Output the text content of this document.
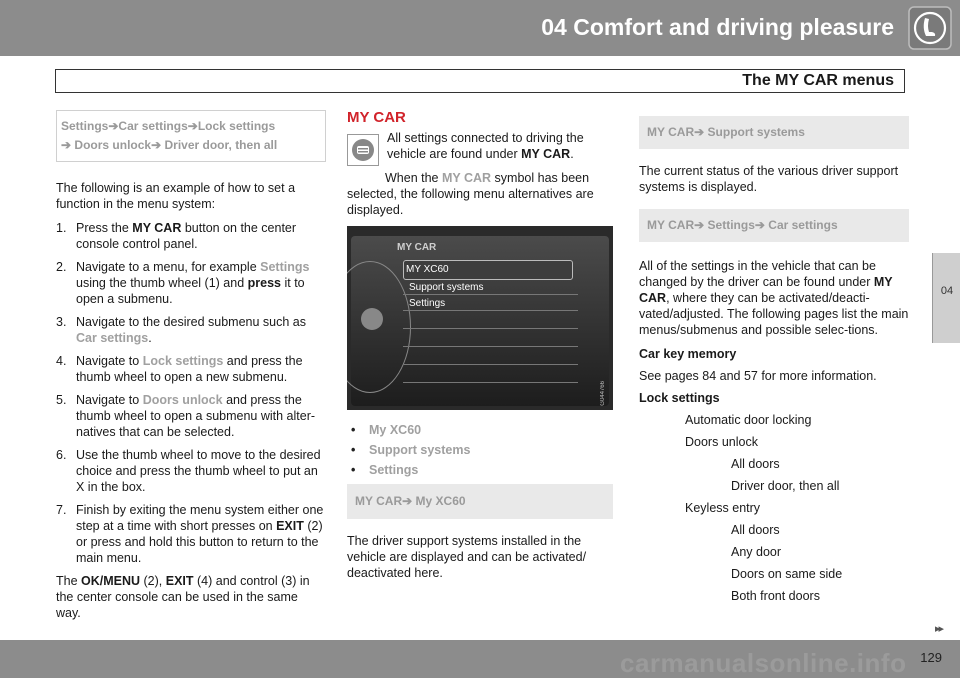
04 Comfort and driving pleasure
The MY CAR menus
04
Settings➔Car settings➔Lock settings
➔ Doors unlock➔ Driver door, then all

The following is an example of how to set a function in the menu system:

1. Press the MY CAR button on the center console control panel.
2. Navigate to a menu, for example Settings using the thumb wheel (1) and press it to open a submenu.
3. Navigate to the desired submenu such as Car settings.
4. Navigate to Lock settings and press the thumb wheel to open a new submenu.
5. Navigate to Doors unlock and press the thumb wheel to open a submenu with alter-natives that can be selected.
6. Use the thumb wheel to move to the desired choice and press the thumb wheel to put an X in the box.
7. Finish by exiting the menu system either one step at a time with short presses on EXIT (2) or press and hold this button to return to the main menu.

The OK/MENU (2), EXIT (4) and control (3) in the center console can be used in the same way.

MY CAR

All settings connected to driving the vehicle are found under MY CAR.

When the MY CAR symbol has been selected, the following menu alternatives are displayed.

MY CAR
MY XC60
Support systems
Settings
G044766
• My XC60
• Support systems
• Settings
MY CAR➔ My XC60

The driver support systems installed in the vehicle are displayed and can be activated/ deactivated here.

MY CAR➔ Support systems

The current status of the various driver support systems is displayed.

MY CAR➔ Settings➔ Car settings

All of the settings in the vehicle that can be changed by the driver can be found under MY CAR, where they can be activated/deacti-vated/adjusted. The following pages list the main menus/submenus and possible selec-tions.

Car key memory
See pages 84 and 57 for more information.
Lock settings
Automatic door locking
Doors unlock
All doors
Driver door, then all
Keyless entry
All doors
Any door
Doors on same side
Both front doors
▸▸
carmanualsonline.info 129
